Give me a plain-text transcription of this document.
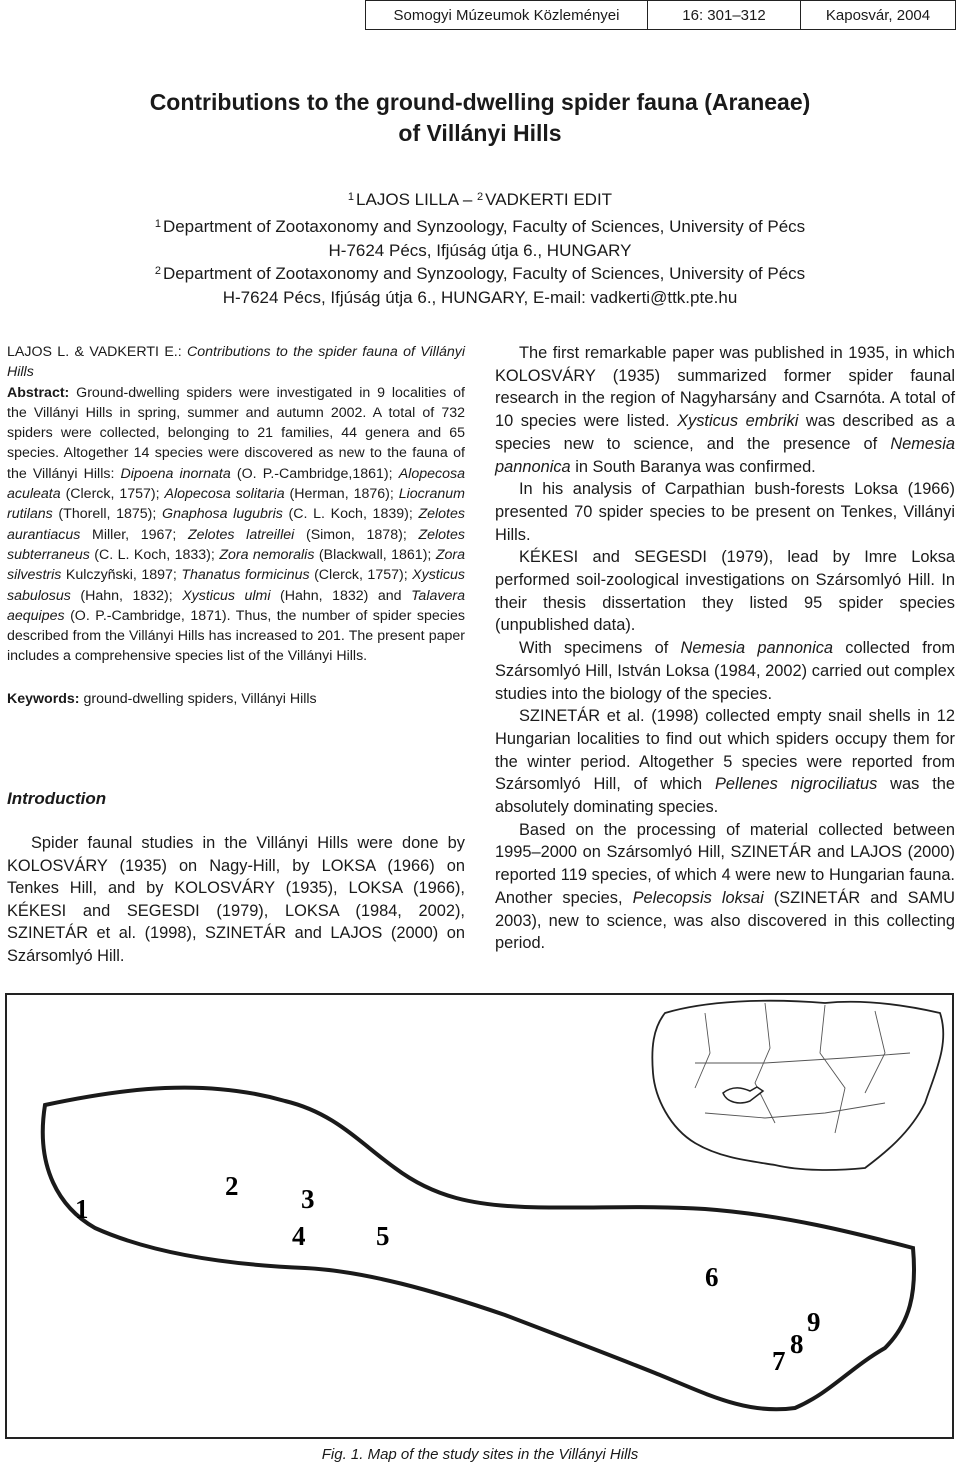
Somogyi Múzeumok Közleményei	16: 301–312	Kaposvár, 2004
Contributions to the ground-dwelling spider fauna (Araneae)
of Villányi Hills
$^1$ LAJOS LILLA – $^2$ VADKERTI EDIT
$^1$ Department of Zootaxonomy and Synzoology, Faculty of Sciences, University of Pécs
H-7624 Pécs, Ifjúság útja 6., HUNGARY
$^2$ Department of Zootaxonomy and Synzoology, Faculty of Sciences, University of Pécs
H-7624 Pécs, Ifjúság útja 6., HUNGARY, E-mail: vadkerti@ttk.pte.hu

LAJOS L. & VADKERTI E.: Contributions to the spider fauna of Villányi Hills

Abstract: Ground-dwelling spiders were investigated in 9 localities of the Villányi Hills in spring, summer and autumn 2002. A total of 732 spiders were collected, belonging to 21 families, 44 genera and 65 species. Altogether 14 species were discovered as new to the fauna of the Villányi Hills: Dipoena inornata (O. P.-Cambridge,1861); Alopecosa aculeata (Clerck, 1757); Alopecosa solitaria (Herman, 1876); Liocranum rutilans (Thorell, 1875); Gnaphosa lugubris (C. L. Koch, 1839); Zelotes aurantiacus Miller, 1967; Zelotes latreillei (Simon, 1878); Zelotes subterraneus (C. L. Koch, 1833); Zora nemoralis (Blackwall, 1861); Zora silvestris Kulczyñski, 1897; Thanatus formicinus (Clerck, 1757); Xysticus sabulosus (Hahn, 1832); Xysticus ulmi (Hahn, 1832) and Talavera aequipes (O. P.-Cambridge, 1871). Thus, the number of spider species described from the Villányi Hills has increased to 201. The present paper includes a comprehensive species list of the Villányi Hills.

Keywords: ground-dwelling spiders, Villányi Hills

Introduction

Spider faunal studies in the Villányi Hills were done by KOLOSVÁRY (1935) on Nagy-Hill, by LOKSA (1966) on Tenkes Hill, and by KOLOSVÁRY (1935), LOKSA (1966), KÉKESI and SEGESDI (1979), LOKSA (1984, 2002), SZINETÁR et al. (1998), SZINETÁR and LAJOS (2000) on Szársomlyó Hill.

The first remarkable paper was published in 1935, in which KOLOSVÁRY (1935) summarized former spider faunal research in the region of Nagyharsány and Csarnóta. A total of 10 species were listed. Xysticus embriki was described as a species new to science, and the presence of Nemesia pannonica in South Baranya was confirmed.

In his analysis of Carpathian bush-forests Loksa (1966) presented 70 spider species to be present on Tenkes, Villányi Hills.

KÉKESI and SEGESDI (1979), lead by Imre Loksa performed soil-zoological investigations on Szársomlyó Hill. In their thesis dissertation they listed 95 spider species (unpublished data).

With specimens of Nemesia pannonica collected from Szársomlyó Hill, István Loksa (1984, 2002) carried out complex studies into the biology of the species.

SZINETÁR et al. (1998) collected empty snail shells in 12 Hungarian localities to find out which spiders occupy them for the winter period. Altogether 5 species were reported from Szársomlyó Hill, of which Pellenes nigrociliatus was the absolutely dominating species.

Based on the processing of material collected between 1995–2000 on Szársomlyó Hill, SZINETÁR and LAJOS (2000) reported 119 species, of which 4 were new to Hungarian fauna. Another species, Pelecopsis loksai (SZINETÁR and SAMU 2003), new to science, was also discovered in this collecting period.

1
2 3
4	5
6
7
8
9
Fig. 1. Map of the study sites in the Villányi Hills
